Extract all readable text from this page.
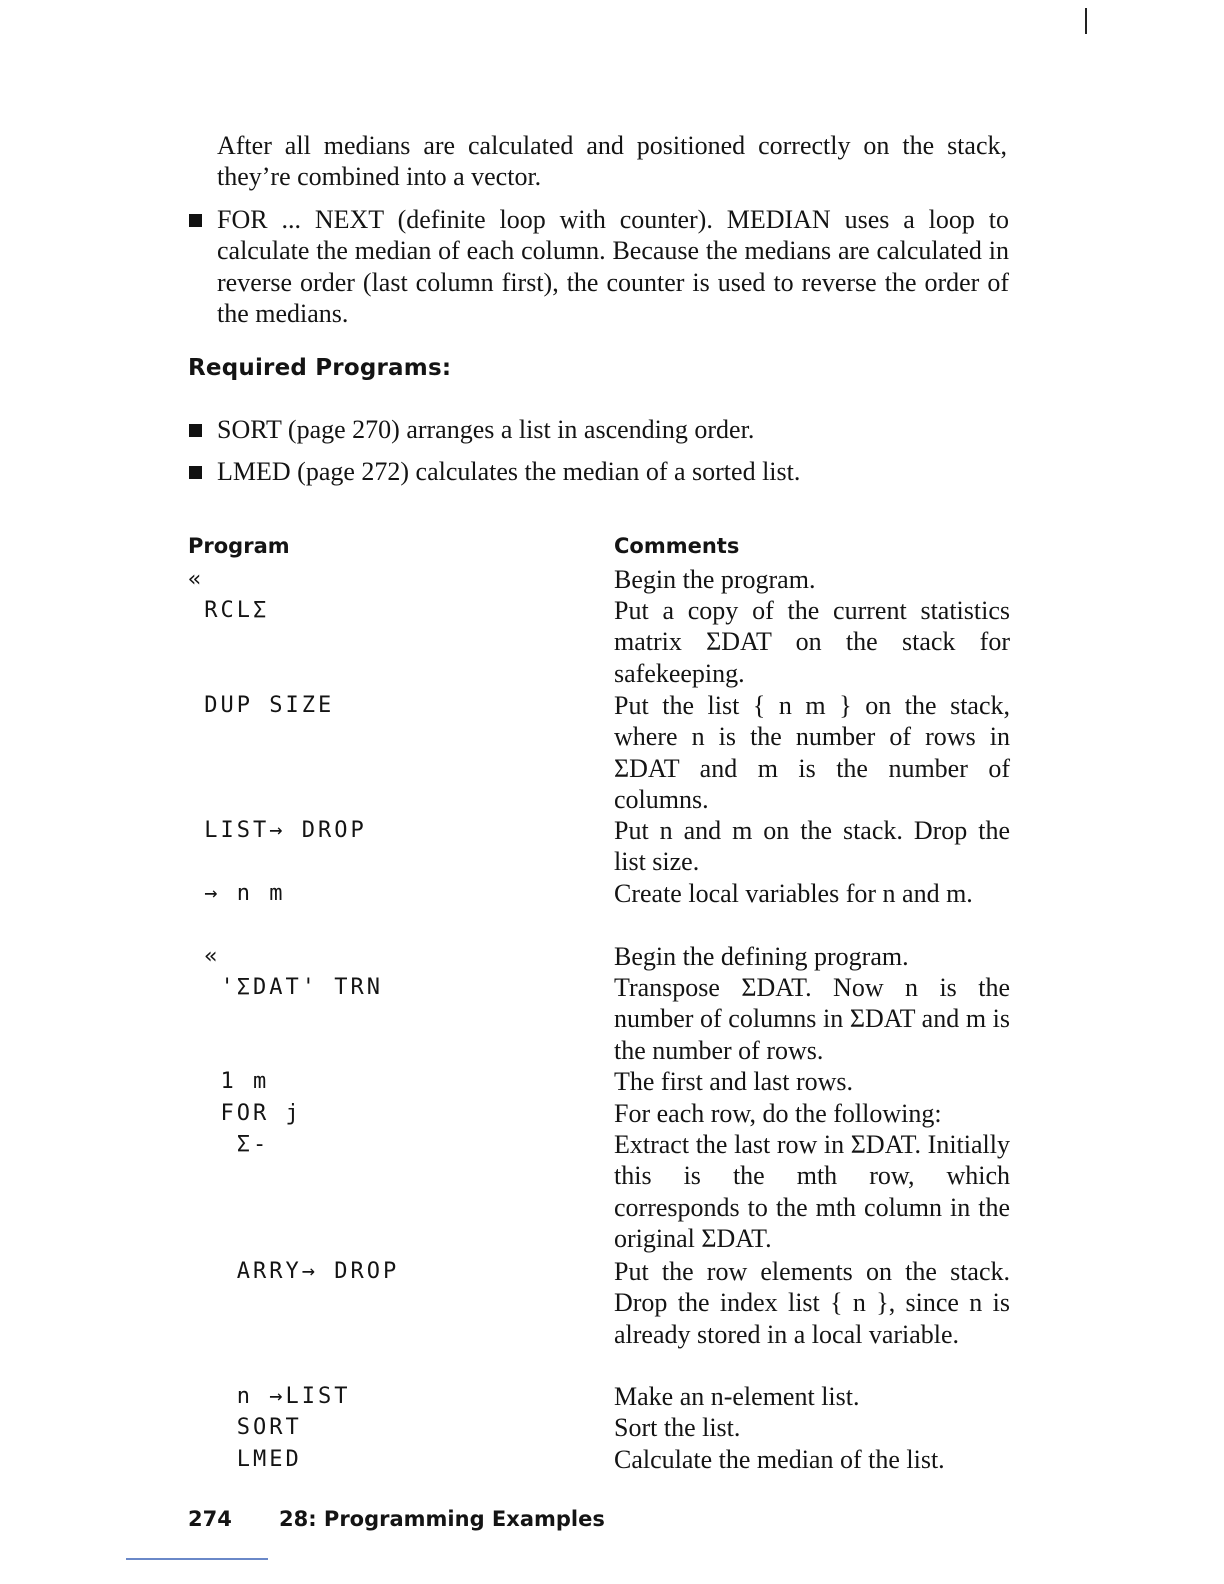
After all medians are calculated and positioned correctly on the stack, they’re combined into a vector.

FOR ... NEXT (definite loop with counter). MEDIAN uses a loop to calculate the median of each column. Because the medians are calculated in reverse order (last column first), the counter is used to reverse the order of the medians.
Required Programs:
SORT (page 270) arranges a list in ascending order.
LMED (page 272) calculates the median of a sorted list.
Program	Comments
«	Begin the program.
RCLΣ	Put a copy of the current statistics matrix ΣDAT on the stack for safekeeping.
DUP SIZE	Put the list { n m } on the stack, where n is the number of rows in ΣDAT and m is the number of columns.
LIST→ DROP	Put n and m on the stack. Drop the list size.
→ n m	Create local variables for n and m.
«	Begin the defining program.
'ΣDAT' TRN	Transpose ΣDAT. Now n is the number of columns in ΣDAT and m is the number of rows.
1 m	The first and last rows.
FOR j	For each row, do the following:
Σ-	Extract the last row in ΣDAT. Initially this is the mth row, which corresponds to the mth column in the original ΣDAT.
ARRY→ DROP	Put the row elements on the stack. Drop the index list { n }, since n is already stored in a local variable.
n →LIST	Make an n-element list.
SORT	Sort the list.
LMED	Calculate the median of the list.
274 28: Programming Examples
